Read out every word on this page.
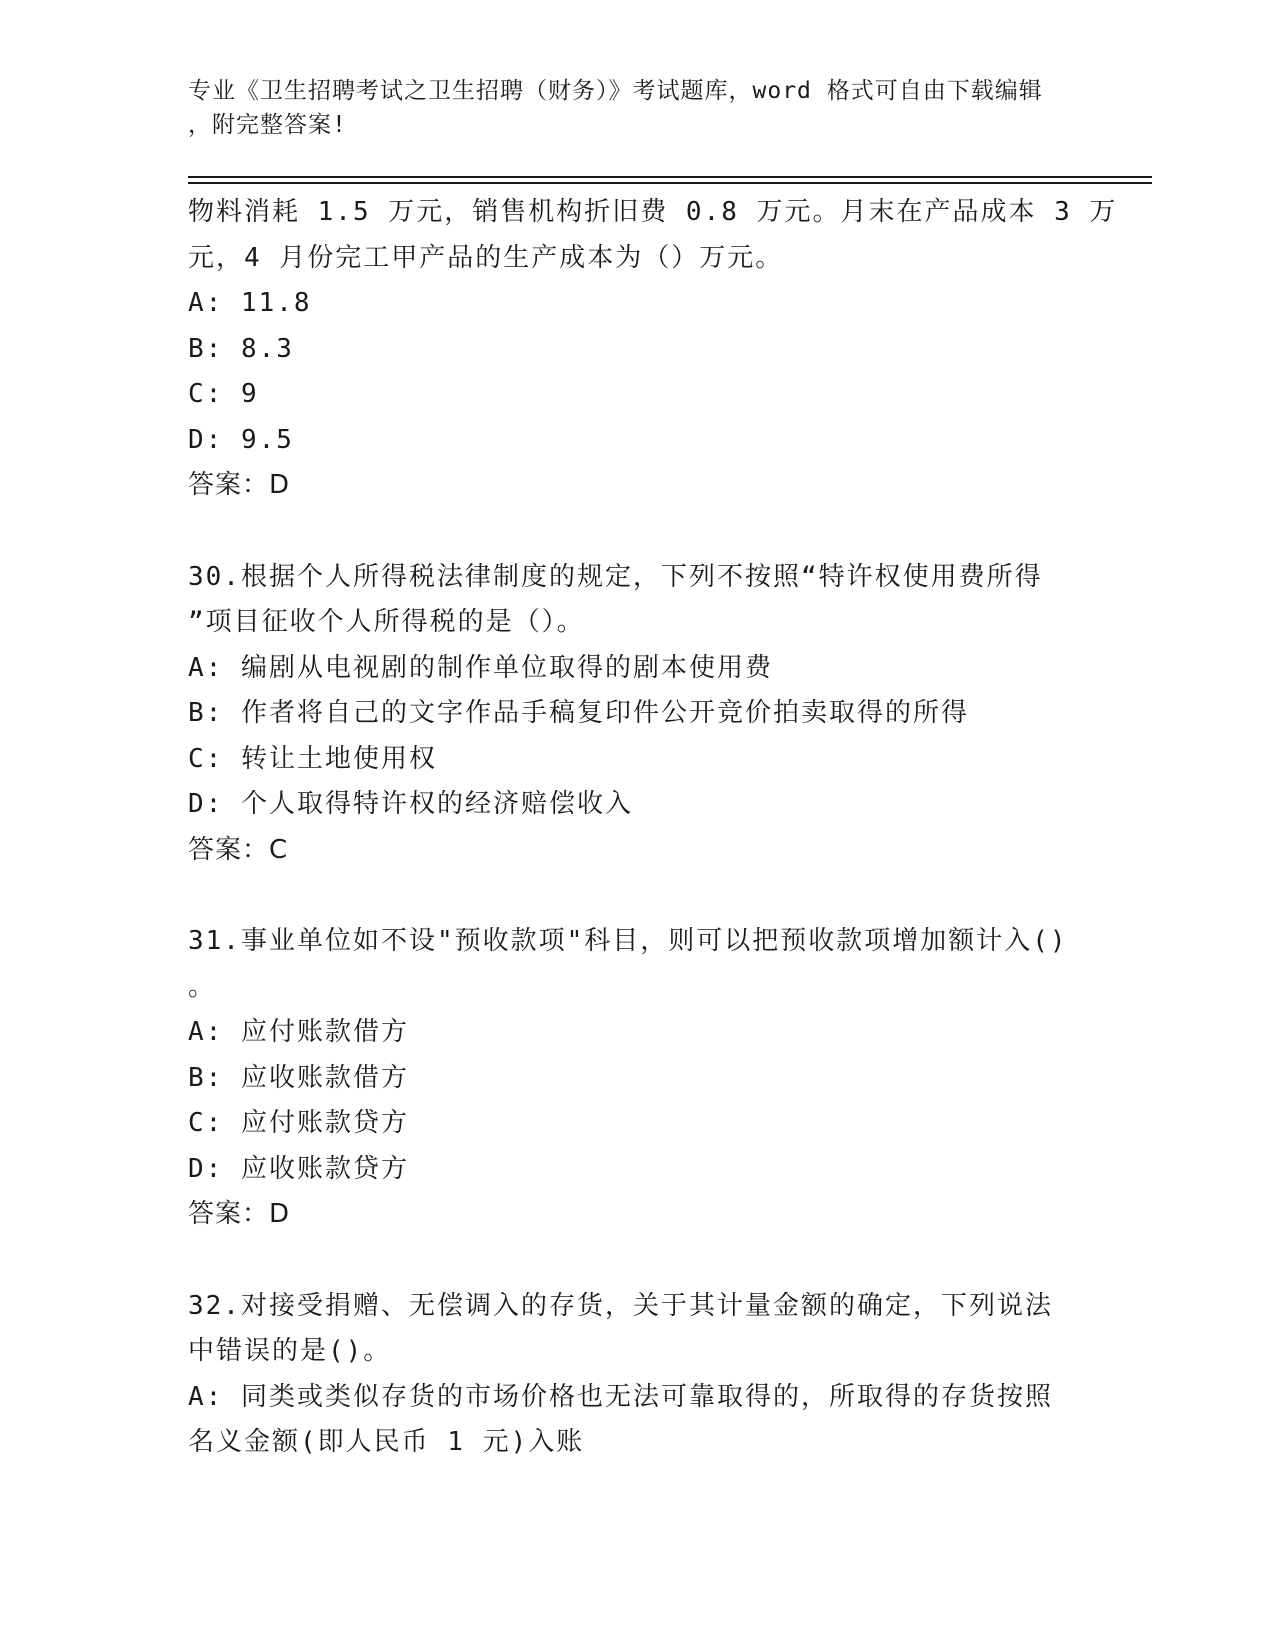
专业《卫生招聘考试之卫生招聘（财务）》考试题库，word 格式可自由下载编辑

，附完整答案!

物料消耗 1.5 万元，销售机构折旧费 0.8 万元。月末在产品成本 3 万
元，4 月份完工甲产品的生产成本为（）万元。
A: 11.8
B: 8.3
C: 9
D: 9.5
答案：D
30.根据个人所得税法律制度的规定，下列不按照“特许权使用费所得
”项目征收个人所得税的是（）。
A: 编剧从电视剧的制作单位取得的剧本使用费
B: 作者将自己的文字作品手稿复印件公开竞价拍卖取得的所得
C: 转让土地使用权
D: 个人取得特许权的经济赔偿收入
答案：C
31.事业单位如不设"预收款项"科目，则可以把预收款项增加额计入()
。
A: 应付账款借方
B: 应收账款借方
C: 应付账款贷方
D: 应收账款贷方
答案：D
32.对接受捐赠、无偿调入的存货，关于其计量金额的确定，下列说法
中错误的是()。
A: 同类或类似存货的市场价格也无法可靠取得的，所取得的存货按照
名义金额(即人民币 1 元)入账
